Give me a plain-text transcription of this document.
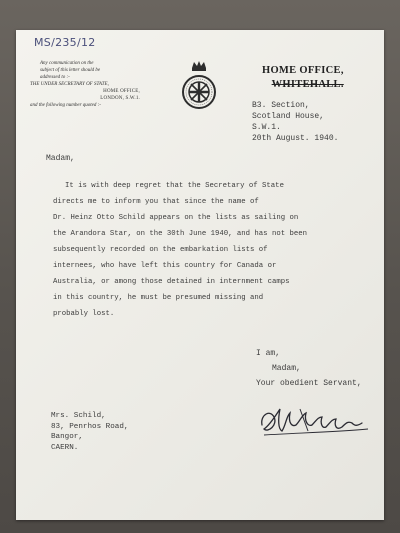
MS/235/12
Any communication on the
subject of this letter should be
addressed to :-
THE UNDER SECRETARY OF STATE,
HOME OFFICE,
LONDON, S.W.1.
and the following number quoted :-
HOME OFFICE,
WHITEHALL.
B3. Section,
Scotland House,
S.W.1.
20th August. 1940.
Madam,
It is with deep regret that the Secretary of State
directs me to inform you that since the name of
Dr. Heinz Otto Schild appears on the lists as sailing on
the Arandora Star, on the 30th June 1940, and has not been
subsequently recorded on the embarkation lists of
internees, who have left this country for Canada or
Australia, or among those detained in internment camps
in this country, he must be presumed missing and
probably lost.
I am,
Madam,
Your obedient Servant,
Mrs. Schild,
83, Penrhos Road,
Bangor,
CAERN.
